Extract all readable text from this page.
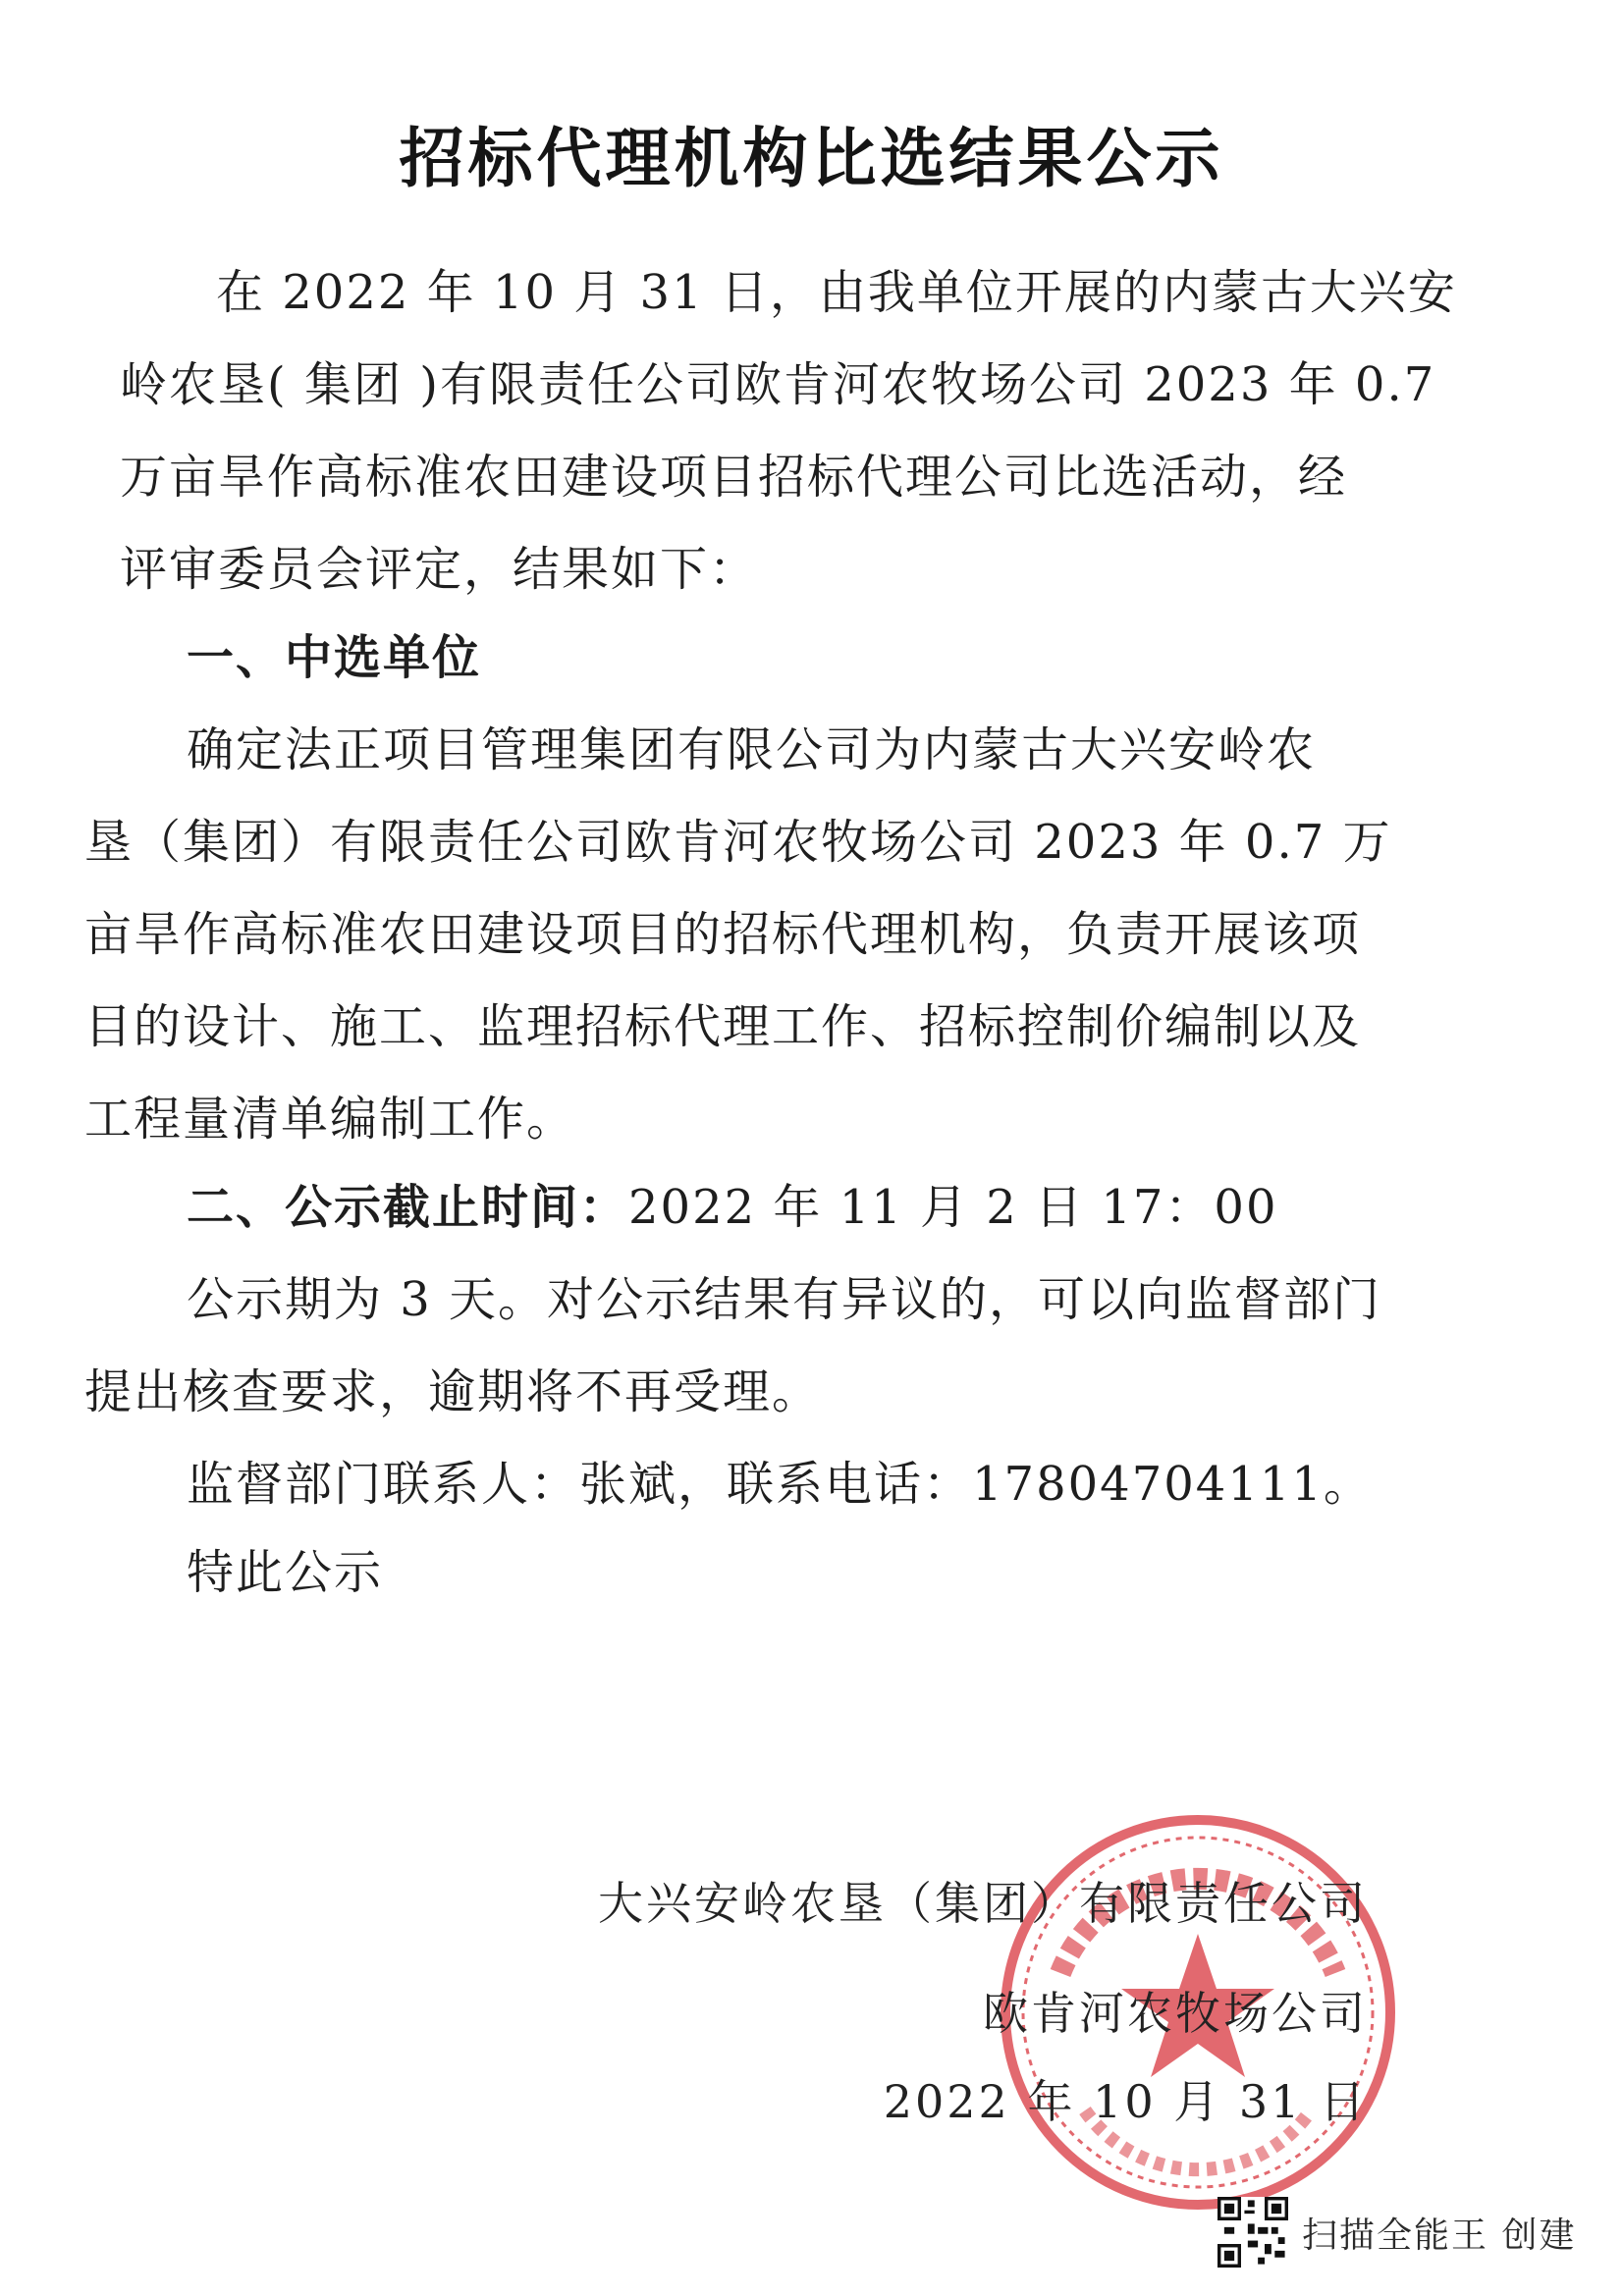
招标代理机构比选结果公示
在 2022 年 10 月 31 日，由我单位开展的内蒙古大兴安
岭农垦( 集团 )有限责任公司欧肯河农牧场公司 2023 年 0.7
万亩旱作高标准农田建设项目招标代理公司比选活动，经
评审委员会评定，结果如下：
一、中选单位
确定法正项目管理集团有限公司为内蒙古大兴安岭农
垦（集团）有限责任公司欧肯河农牧场公司 2023 年 0.7 万
亩旱作高标准农田建设项目的招标代理机构，负责开展该项
目的设计、施工、监理招标代理工作、招标控制价编制以及
工程量清单编制工作。
二、公示截止时间：2022 年 11 月 2 日 17：00
公示期为 3 天。对公示结果有异议的，可以向监督部门
提出核查要求，逾期将不再受理。
监督部门联系人：张斌，联系电话：17804704111。
特此公示
大兴安岭农垦（集团）有限责任公司
欧肯河农牧场公司
2022 年 10 月 31 日
扫描全能王 创建
